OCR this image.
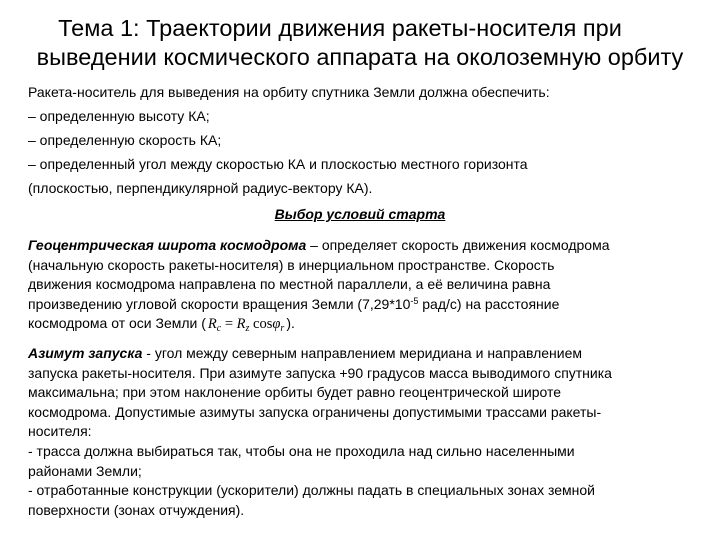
Тема 1: Траектории движения ракеты-носителя при
выведении космического аппарата на околоземную орбиту

Ракета-носитель для выведения на орбиту спутника Земли должна обеспечить:

– определенную высоту КА;

– определенную скорость КА;

– определенный угол между скоростью КА и плоскостью местного горизонта

(плоскостью, перпендикулярной радиус-вектору КА).

Выбор условий старта

Геоцентрическая широта космодрома – определяет скорость движения космодрома

(начальную скорость ракеты-носителя) в инерциальном пространстве. Скорость

движения космодрома направлена по местной параллели, а её величина равна

произведению угловой скорости вращения Земли ($7,29*10^{-5}$ рад/с) на расстояние

космодрома от оси Земли ( $R_c = R_z$ cosφ$_r$ ).

Азимут запуска - угол между северным направлением меридиана и направлением

запуска ракеты-носителя. При азимуте запуска +90 градусов масса выводимого спутника

максимальна; при этом наклонение орбиты будет равно геоцентрической широте

космодрома. Допустимые азимуты запуска ограничены допустимыми трассами ракеты-

носителя:

- трасса должна выбираться так, чтобы она не проходила над сильно населенными

районами Земли;

- отработанные конструкции (ускорители) должны падать в специальных зонах земной

поверхности (зонах отчуждения).
